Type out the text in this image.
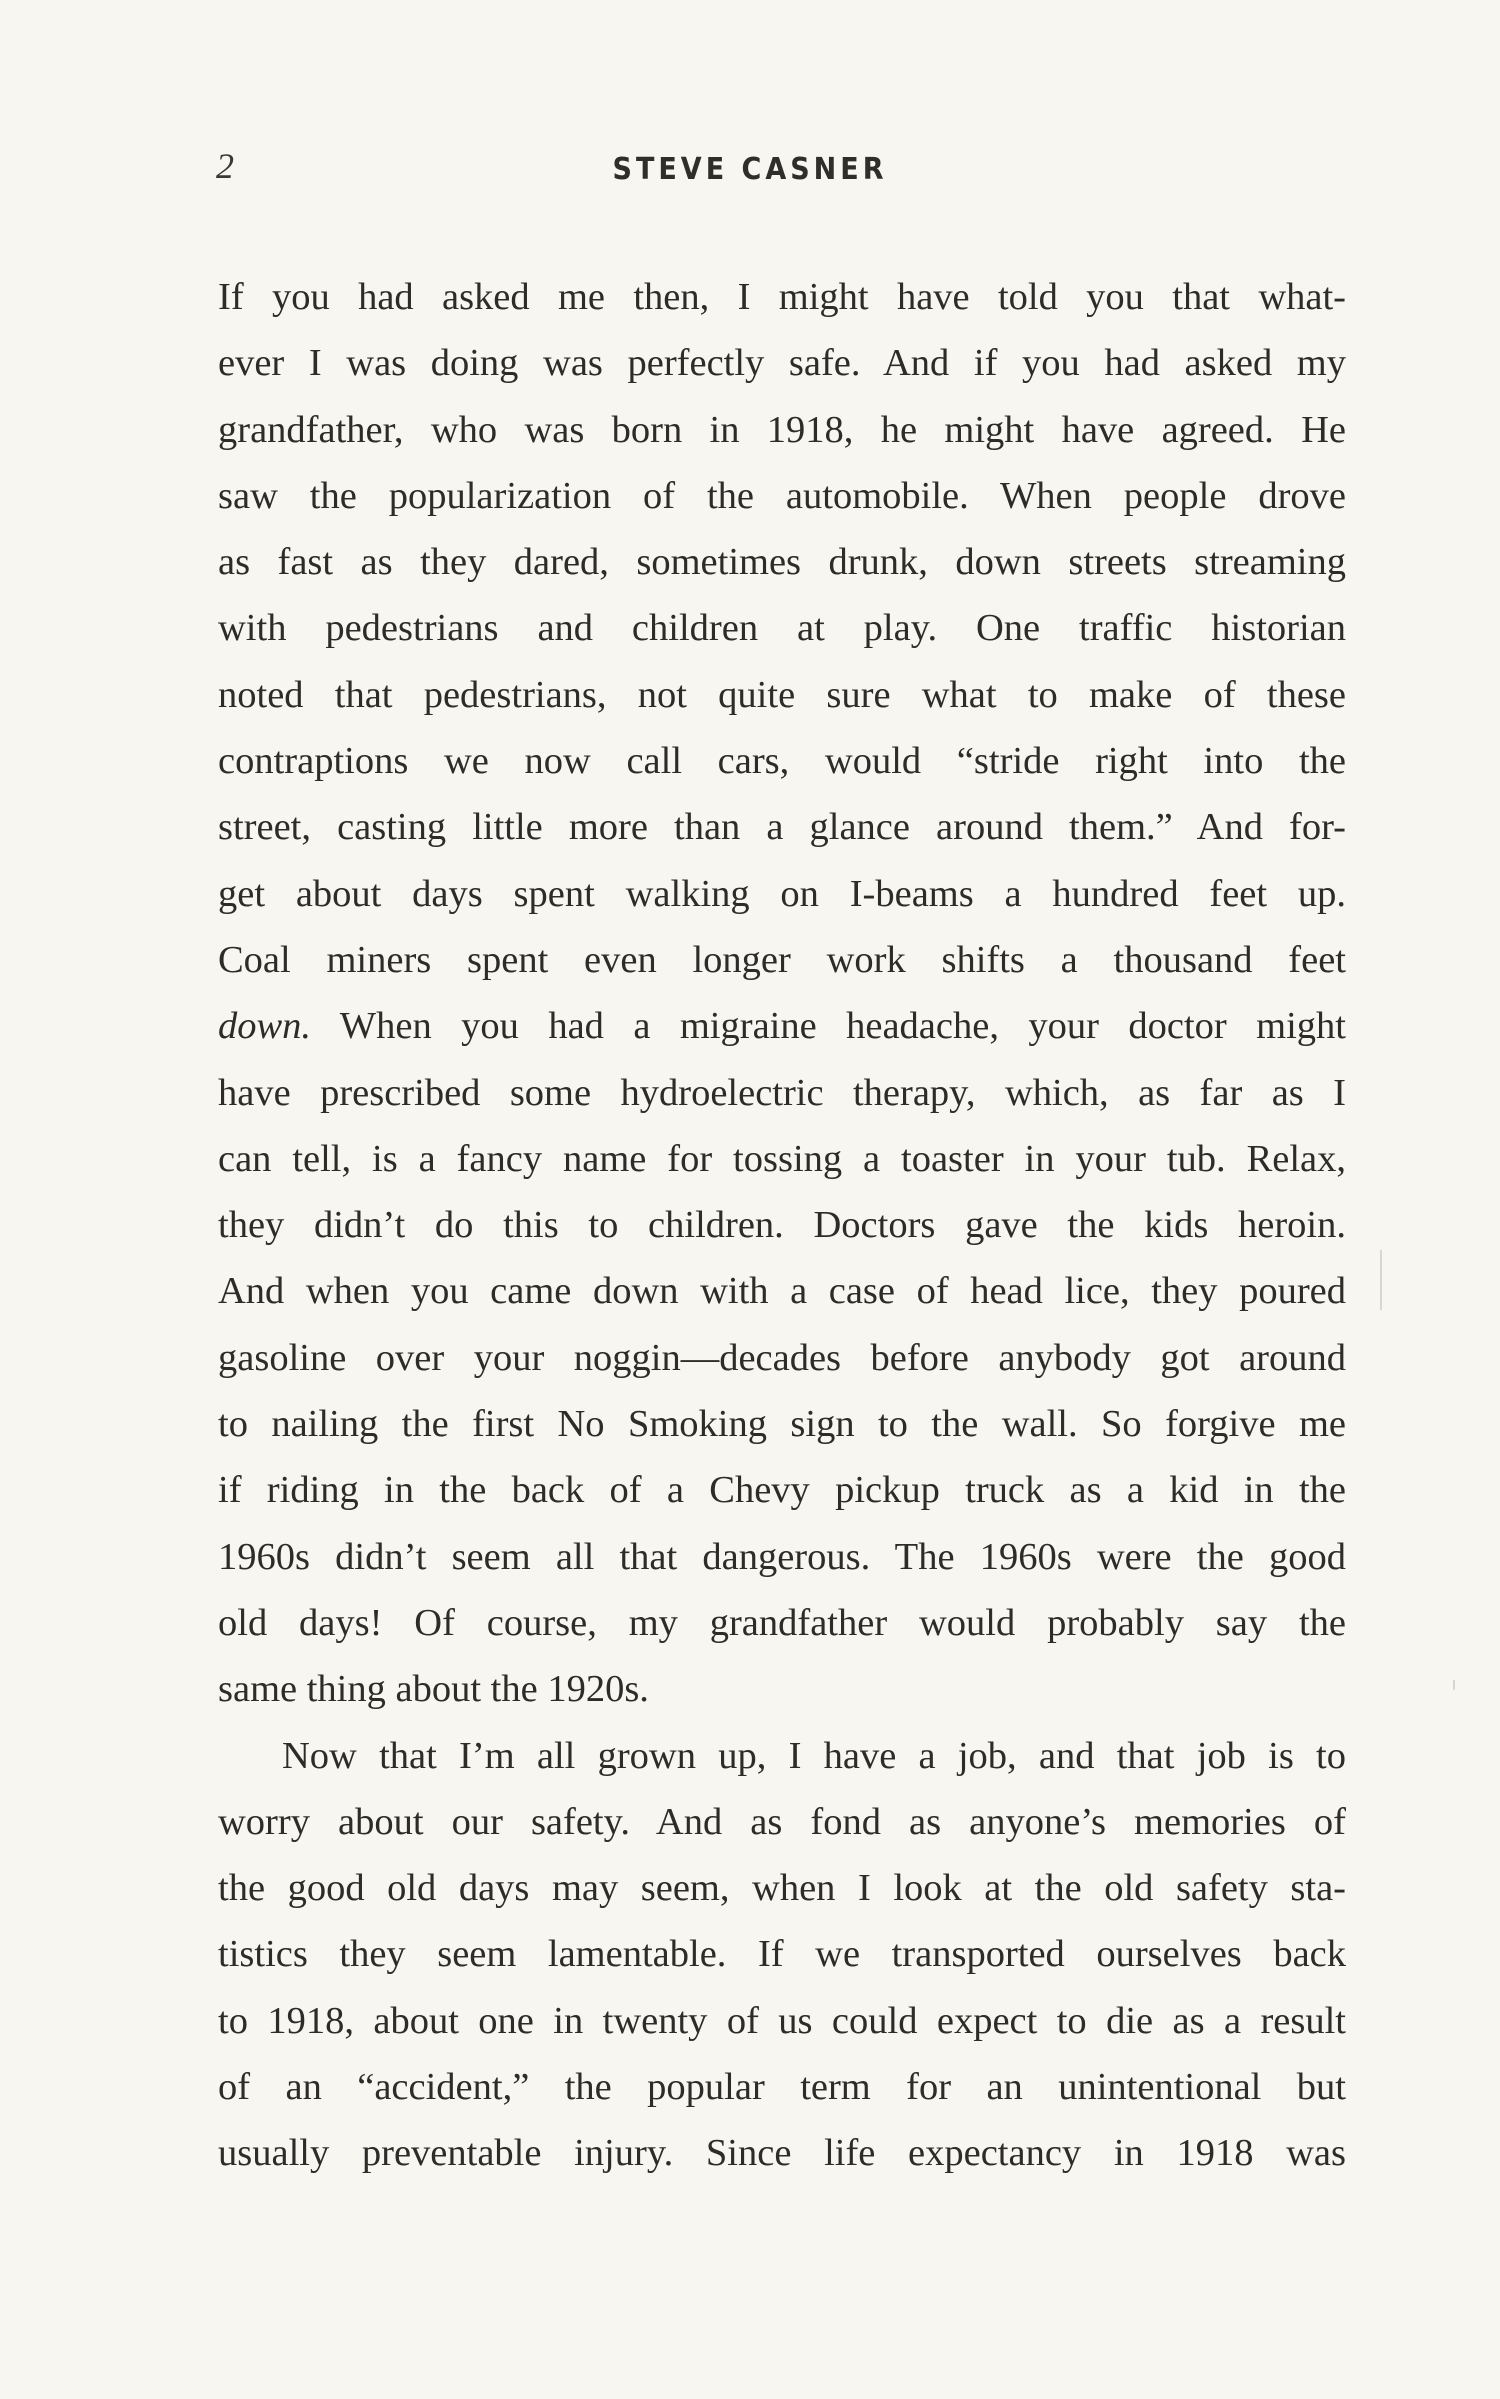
2	STEVE CASNER
If you had asked me then, I might have told you that what-
ever I was doing was perfectly safe. And if you had asked my
grandfather, who was born in 1918, he might have agreed. He
saw the popularization of the automobile. When people drove
as fast as they dared, sometimes drunk, down streets streaming
with pedestrians and children at play. One traffic historian
noted that pedestrians, not quite sure what to make of these
contraptions we now call cars, would “stride right into the
street, casting little more than a glance around them.” And for-
get about days spent walking on I-beams a hundred feet up.
Coal miners spent even longer work shifts a thousand feet
down. When you had a migraine headache, your doctor might
have prescribed some hydroelectric therapy, which, as far as I
can tell, is a fancy name for tossing a toaster in your tub. Relax,
they didn’t do this to children. Doctors gave the kids heroin.
And when you came down with a case of head lice, they poured
gasoline over your noggin—decades before anybody got around
to nailing the first No Smoking sign to the wall. So forgive me
if riding in the back of a Chevy pickup truck as a kid in the
1960s didn’t seem all that dangerous. The 1960s were the good
old days! Of course, my grandfather would probably say the
same thing about the 1920s.
Now that I’m all grown up, I have a job, and that job is to
worry about our safety. And as fond as anyone’s memories of
the good old days may seem, when I look at the old safety sta-
tistics they seem lamentable. If we transported ourselves back
to 1918, about one in twenty of us could expect to die as a result
of an “accident,” the popular term for an unintentional but
usually preventable injury. Since life expectancy in 1918 was
